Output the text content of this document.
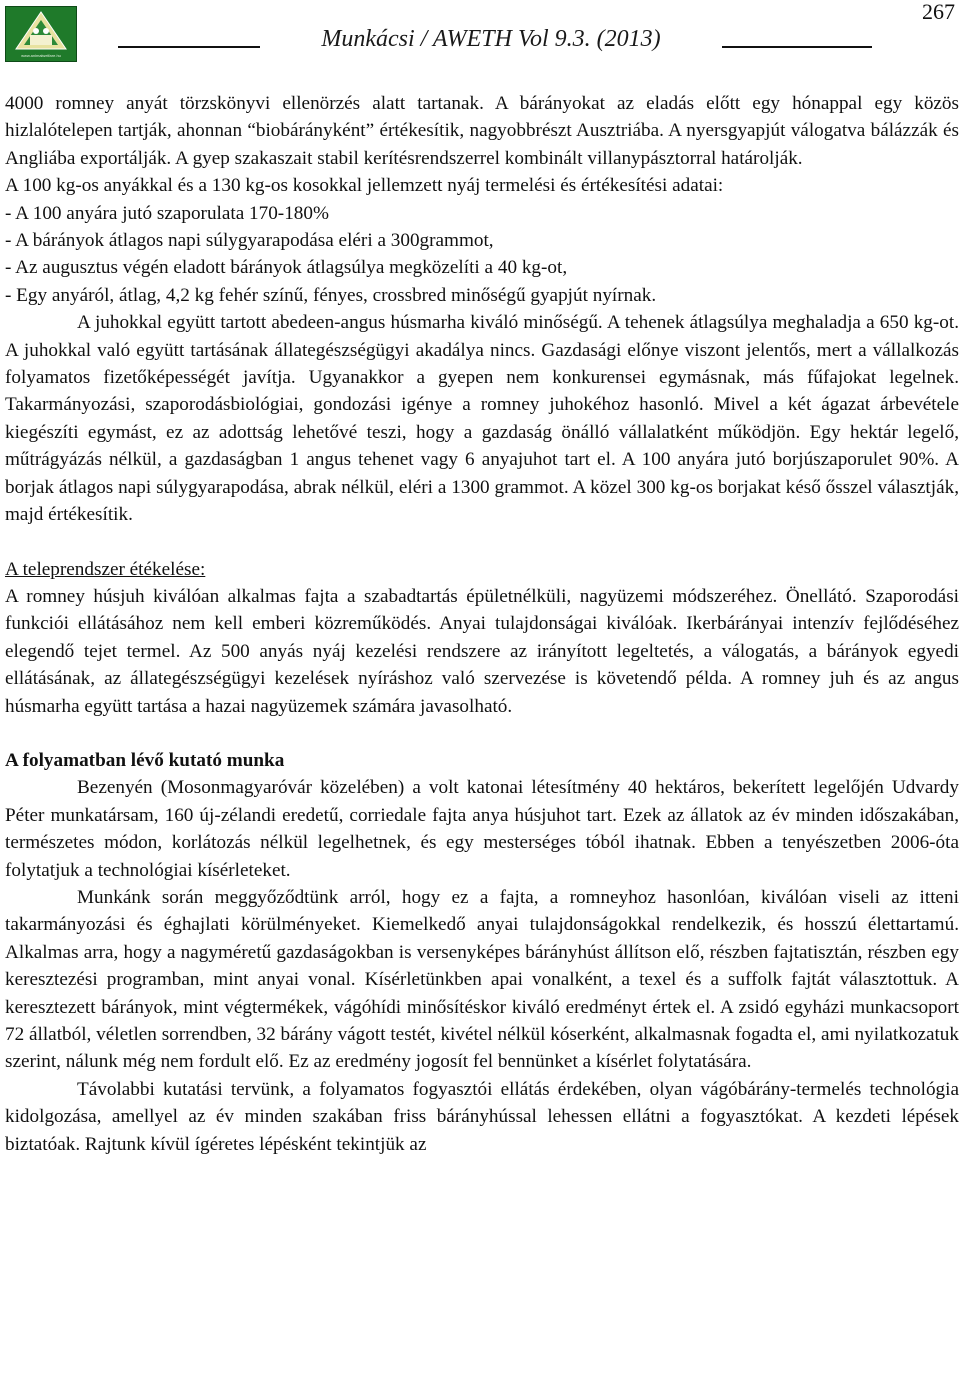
www.animalwelfare.hu
Munkácsi / AWETH Vol 9.3. (2013)
267

4000 romney anyát törzskönyvi ellenörzés alatt tartanak. A bárányokat az eladás előtt egy hónappal egy közös hizlalótelepen tartják, ahonnan “biobárányként” értékesítik, nagyobbrészt Ausztriába. A nyersgyapjút válogatva bálázzák és Angliába exportálják. A gyep szakaszait stabil kerítésrendszerrel kombinált villanypásztorral határolják.

A 100 kg-os anyákkal és a 130 kg-os kosokkal jellemzett nyáj termelési és értékesítési adatai:

- A 100 anyára jutó szaporulata 170-180%

- A bárányok átlagos napi súlygyarapodása eléri a 300grammot,

- Az augusztus végén eladott bárányok átlagsúlya megközelíti a 40 kg-ot,

- Egy anyáról, átlag, 4,2 kg fehér színű, fényes, crossbred minőségű gyapjút nyírnak.

A juhokkal együtt tartott abedeen-angus húsmarha kiváló minőségű. A tehenek átlagsúlya meghaladja a 650 kg-ot. A juhokkal való együtt tartásának állategészségügyi akadálya nincs. Gazdasági előnye viszont jelentős, mert a vállalkozás folyamatos fizetőképességét javítja. Ugyanakkor a gyepen nem konkurensei egymásnak, más fűfajokat legelnek. Takarmányozási, szaporodásbiológiai, gondozási igénye a romney juhokéhoz hasonló. Mivel a két ágazat árbevétele kiegészíti egymást, ez az adottság lehetővé teszi, hogy a gazdaság önálló vállalatként működjön. Egy hektár legelő, műtrágyázás nélkül, a gazdaságban 1 angus tehenet vagy 6 anyajuhot tart el. A 100 anyára jutó borjúszaporulet 90%. A borjak átlagos napi súlygyarapodása, abrak nélkül, eléri a 1300 grammot. A közel 300 kg-os borjakat késő ősszel választják, majd értékesítik.

A teleprendszer étékelése:

A romney húsjuh kiválóan alkalmas fajta a szabadtartás épületnélküli, nagyüzemi módszeréhez. Önellátó. Szaporodási funkciói ellátásához nem kell emberi közreműködés. Anyai tulajdonságai kiválóak. Ikerbárányai intenzív fejlődéséhez elegendő tejet termel. Az 500 anyás nyáj kezelési rendszere az irányított legeltetés, a válogatás, a bárányok egyedi ellátásának, az állategészségügyi kezelések nyíráshoz való szervezése is követendő példa. A romney juh és az angus húsmarha együtt tartása a hazai nagyüzemek számára javasolható.

A folyamatban lévő kutató munka

Bezenyén (Mosonmagyaróvár közelében) a volt katonai létesítmény 40 hektáros, bekerített legelőjén Udvardy Péter munkatársam, 160 új-zélandi eredetű, corriedale fajta anya húsjuhot tart. Ezek az állatok az év minden időszakában, természetes módon, korlátozás nélkül legelhetnek, és egy mesterséges tóból ihatnak. Ebben a tenyészetben 2006-óta folytatjuk a technológiai kísérleteket.

Munkánk során meggyőződtünk arról, hogy ez a fajta, a romneyhoz hasonlóan, kiválóan viseli az itteni takarmányozási és éghajlati körülményeket. Kiemelkedő anyai tulajdonságokkal rendelkezik, és hosszú élettartamú. Alkalmas arra, hogy a nagyméretű gazdaságokban is versenyképes bárányhúst állítson elő, részben fajtatisztán, részben egy keresztezési programban, mint anyai vonal. Kísérletünkben apai vonalként, a texel és a suffolk fajtát választottuk. A keresztezett bárányok, mint végtermékek, vágóhídi minősítéskor kiváló eredményt értek el. A zsidó egyházi munkacsoport 72 állatból, véletlen sorrendben, 32 bárány vágott testét, kivétel nélkül kóserként, alkalmasnak fogadta el, ami nyilatkozatuk szerint, nálunk még nem fordult elő. Ez az eredmény jogosít fel bennünket a kísérlet folytatására.

Távolabbi kutatási tervünk, a folyamatos fogyasztói ellátás érdekében, olyan vágóbárány-termelés technológia kidolgozása, amellyel az év minden szakában friss bárányhússal lehessen ellátni a fogyasztókat. A kezdeti lépések biztatóak. Rajtunk kívül ígéretes lépésként tekintjük az
